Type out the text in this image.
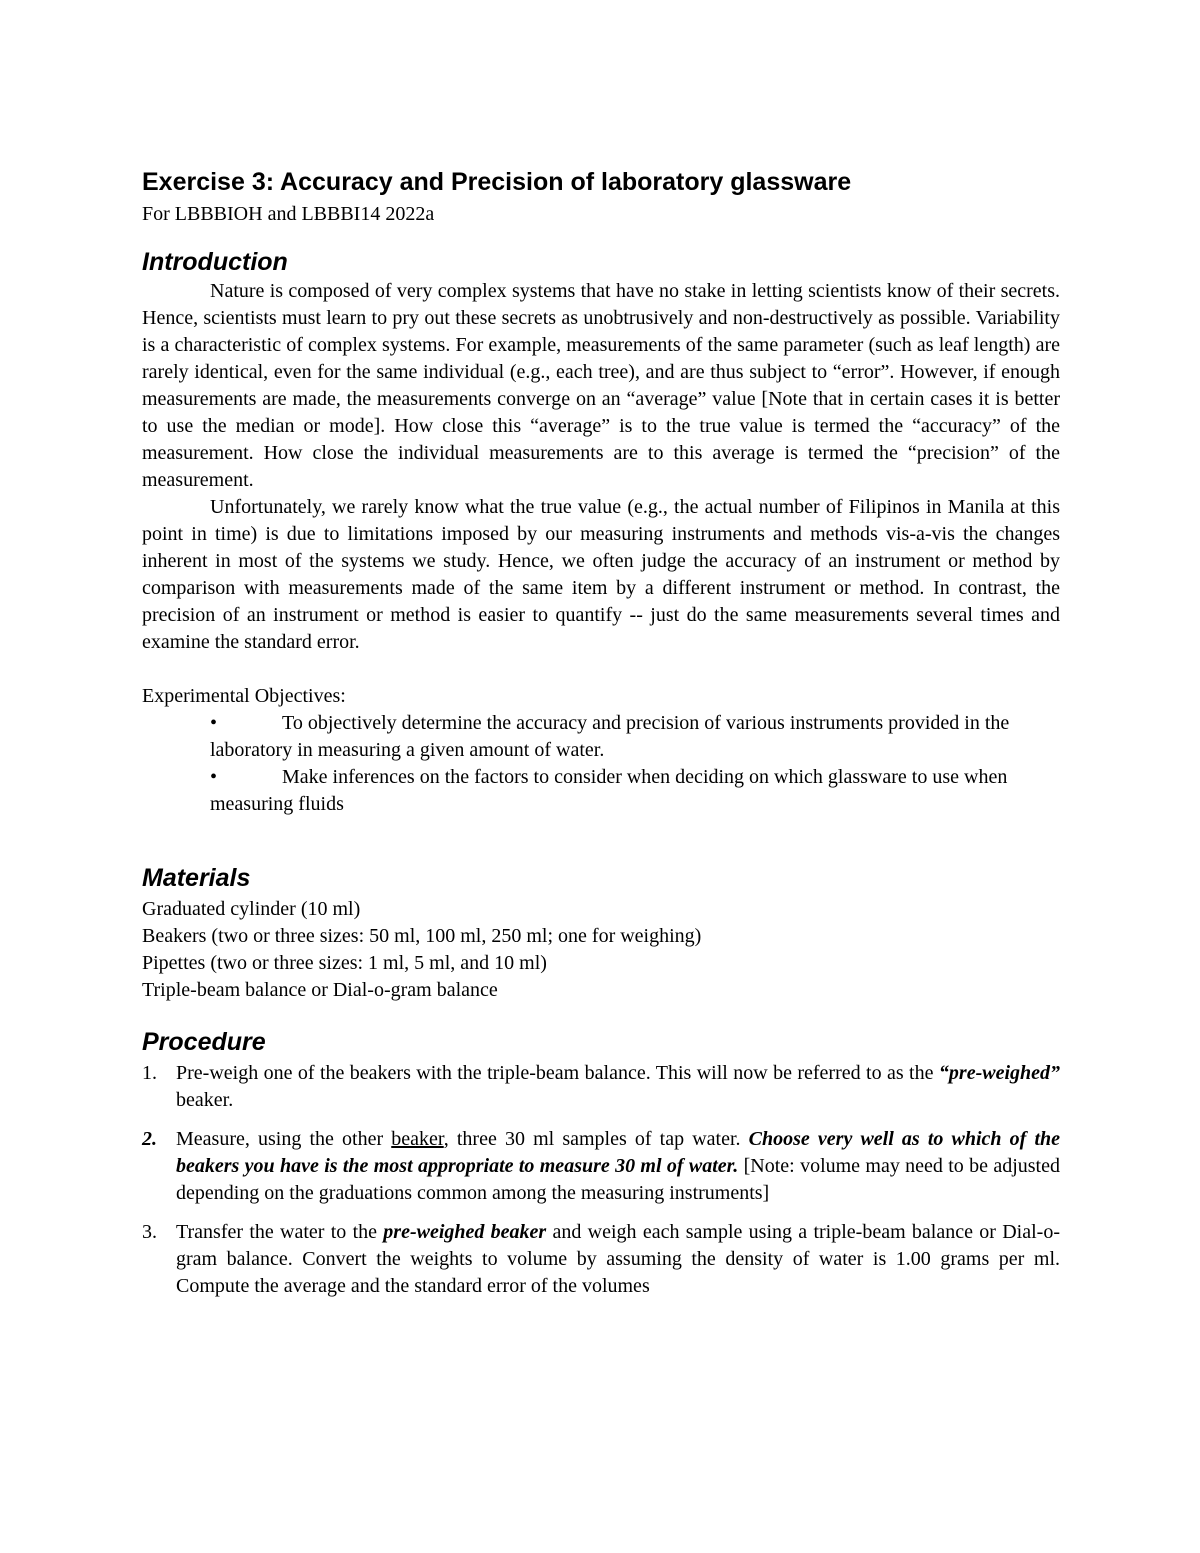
Exercise 3: Accuracy and Precision of laboratory glassware

For LBBBIOH and LBBBI14 2022a

Introduction

Nature is composed of very complex systems that have no stake in letting scientists know of their secrets. Hence, scientists must learn to pry out these secrets as unobtrusively and non-destructively as possible. Variability is a characteristic of complex systems. For example, measurements of the same parameter (such as leaf length) are rarely identical, even for the same individual (e.g., each tree), and are thus subject to “error”. However, if enough measurements are made, the measurements converge on an “average” value [Note that in certain cases it is better to use the median or mode]. How close this “average” is to the true value is termed the “accuracy” of the measurement. How close the individual measurements are to this average is termed the “precision” of the measurement.

Unfortunately, we rarely know what the true value (e.g., the actual number of Filipinos in Manila at this point in time) is due to limitations imposed by our measuring instruments and methods vis-a-vis the changes inherent in most of the systems we study. Hence, we often judge the accuracy of an instrument or method by comparison with measurements made of the same item by a different instrument or method. In contrast, the precision of an instrument or method is easier to quantify -- just do the same measurements several times and examine the standard error.

Experimental Objectives:

•	To objectively determine the accuracy and precision of various instruments provided in the laboratory in measuring a given amount of water.
•	Make inferences on the factors to consider when deciding on which glassware to use when measuring fluids
Materials
Graduated cylinder (10 ml)
Beakers (two or three sizes: 50 ml, 100 ml, 250 ml; one for weighing)
Pipettes (two or three sizes: 1 ml, 5 ml, and 10 ml)
Triple-beam balance or Dial-o-gram balance
Procedure
1. Pre-weigh one of the beakers with the triple-beam balance. This will now be referred to as the “pre-weighed” beaker.
2. Measure, using the other beaker, three 30 ml samples of tap water. Choose very well as to which of the beakers you have is the most appropriate to measure 30 ml of water. [Note: volume may need to be adjusted depending on the graduations common among the measuring instruments]
3. Transfer the water to the pre-weighed beaker and weigh each sample using a triple-beam balance or Dial-o-gram balance. Convert the weights to volume by assuming the density of water is 1.00 grams per ml. Compute the average and the standard error of the volumes
